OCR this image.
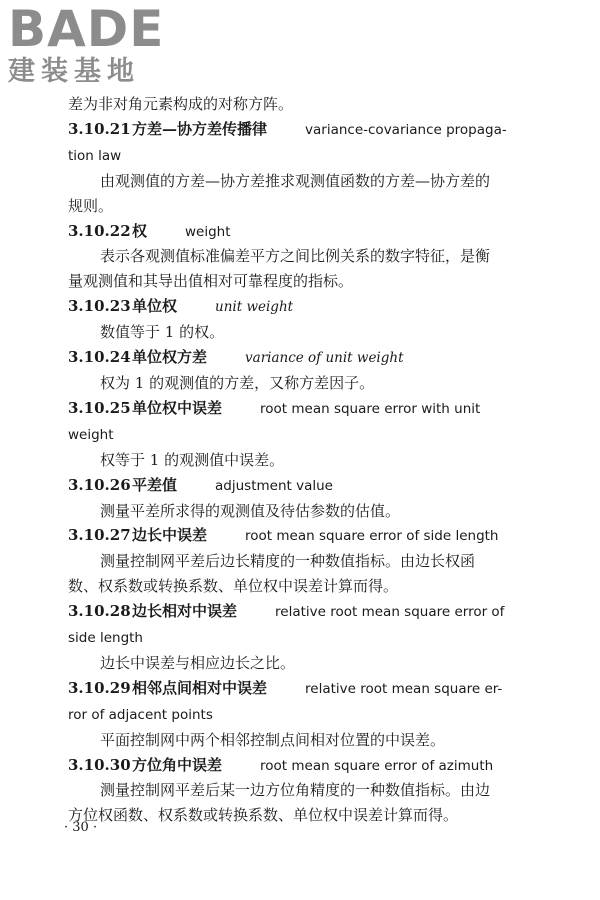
BADE
建装基地
差为非对角元素构成的对称方阵。
3.10.21方差—协方差传播律	variance-covariance propaga-
tion law
由观测值的方差—协方差推求观测值函数的方差—协方差的
规则。
3.10.22权	weight
表示各观测值标准偏差平方之间比例关系的数字特征，是衡
量观测值和其导出值相对可靠程度的指标。
3.10.23单位权	unit weight
数值等于 1 的权。
3.10.24单位权方差	variance of unit weight
权为 1 的观测值的方差，又称方差因子。
3.10.25单位权中误差	root mean square error with unit
weight
权等于 1 的观测值中误差。
3.10.26平差值	adjustment value
测量平差所求得的观测值及待估参数的估值。
3.10.27边长中误差	root mean square error of side length
测量控制网平差后边长精度的一种数值指标。由边长权函
数、权系数或转换系数、单位权中误差计算而得。
3.10.28边长相对中误差	relative root mean square error of
side length
边长中误差与相应边长之比。
3.10.29相邻点间相对中误差	relative root mean square er-
ror of adjacent points
平面控制网中两个相邻控制点间相对位置的中误差。
3.10.30方位角中误差	root mean square error of azimuth
测量控制网平差后某一边方位角精度的一种数值指标。由边
方位权函数、权系数或转换系数、单位权中误差计算而得。
· 30 ·
